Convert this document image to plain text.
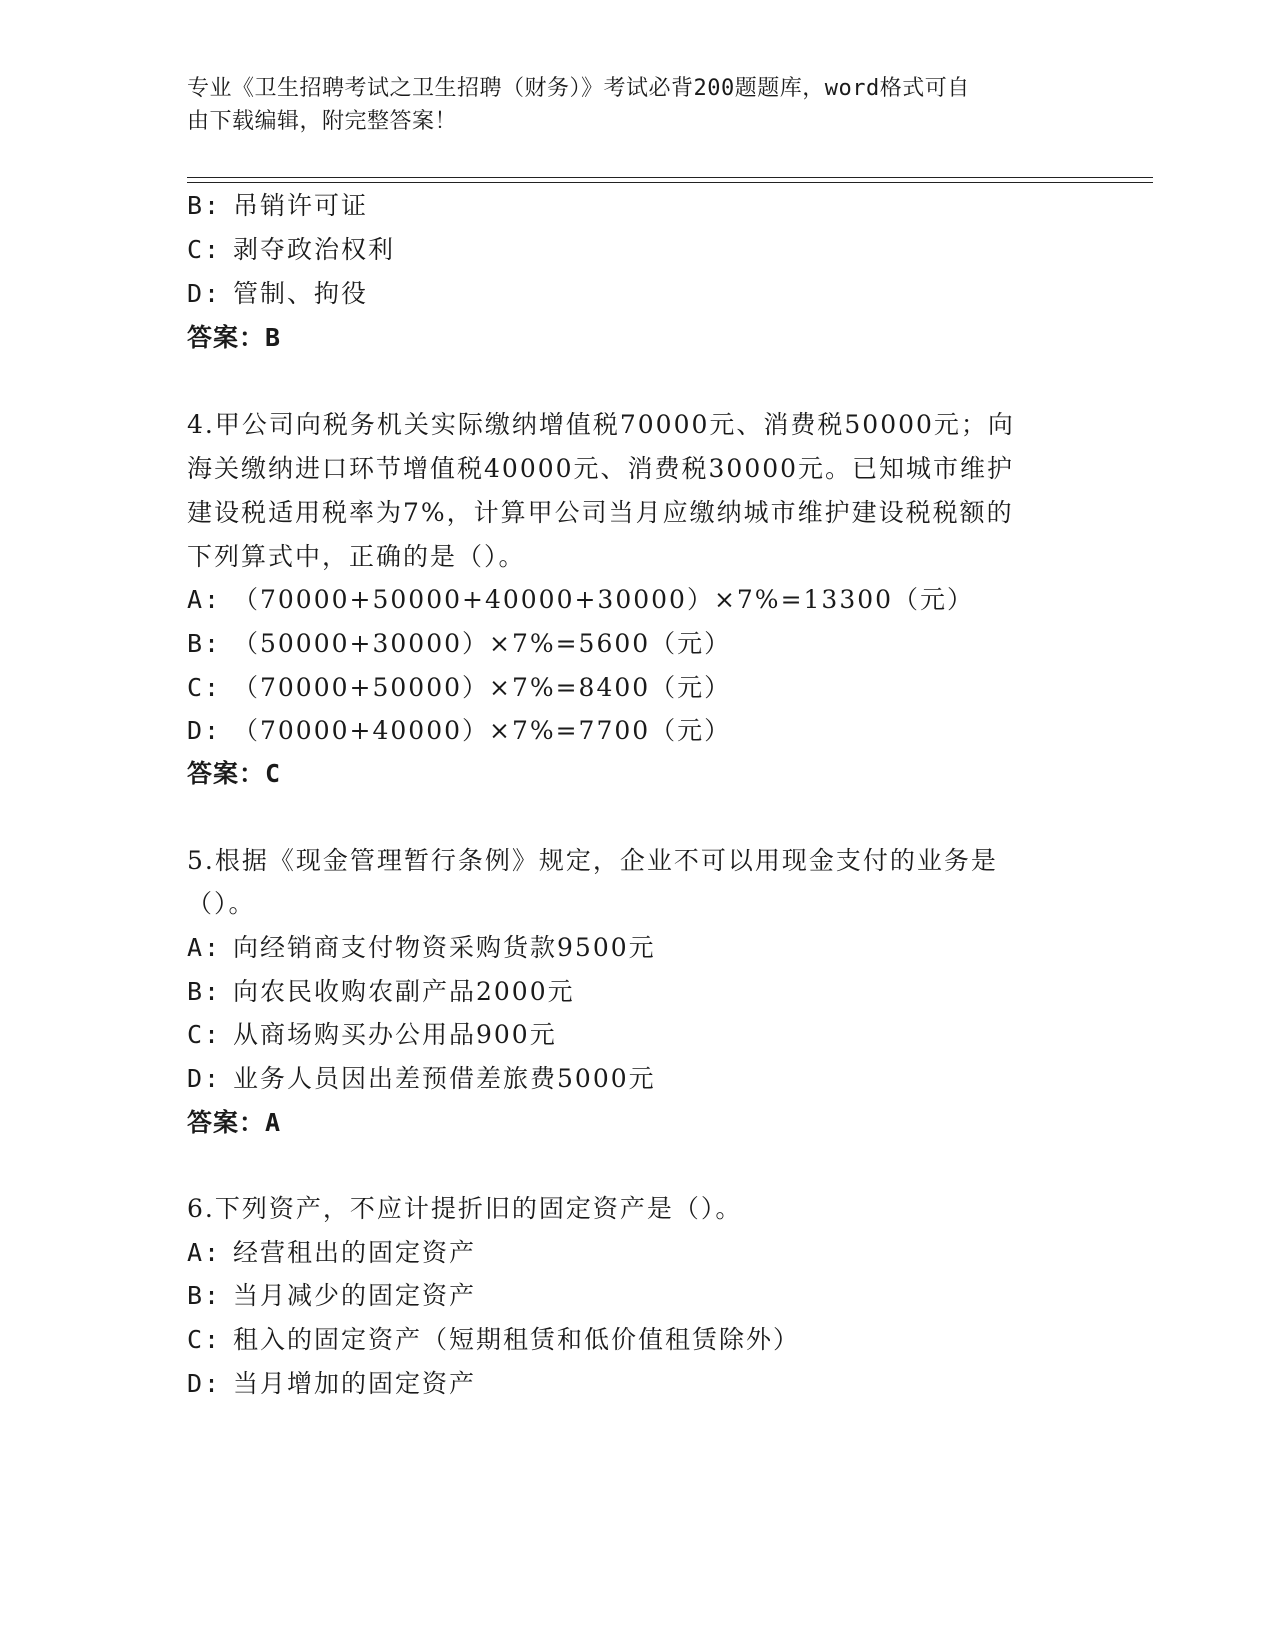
专业《卫生招聘考试之卫生招聘（财务）》考试必背200题题库，word格式可自
由下载编辑，附完整答案！
B: 吊销许可证
C: 剥夺政治权利
D: 管制、拘役
答案：B
4.甲公司向税务机关实际缴纳增值税70000元、消费税50000元；向
海关缴纳进口环节增值税40000元、消费税30000元。已知城市维护
建设税适用税率为7%，计算甲公司当月应缴纳城市维护建设税税额的
下列算式中，正确的是（）。
A: （70000+50000+40000+30000）×7%=13300（元）
B: （50000+30000）×7%=5600（元）
C: （70000+50000）×7%=8400（元）
D: （70000+40000）×7%=7700（元）
答案：C
5.根据《现金管理暂行条例》规定，企业不可以用现金支付的业务是
（）。
A: 向经销商支付物资采购货款9500元
B: 向农民收购农副产品2000元
C: 从商场购买办公用品900元
D: 业务人员因出差预借差旅费5000元
答案：A
6.下列资产，不应计提折旧的固定资产是（）。
A: 经营租出的固定资产
B: 当月减少的固定资产
C: 租入的固定资产（短期租赁和低价值租赁除外）
D: 当月增加的固定资产
